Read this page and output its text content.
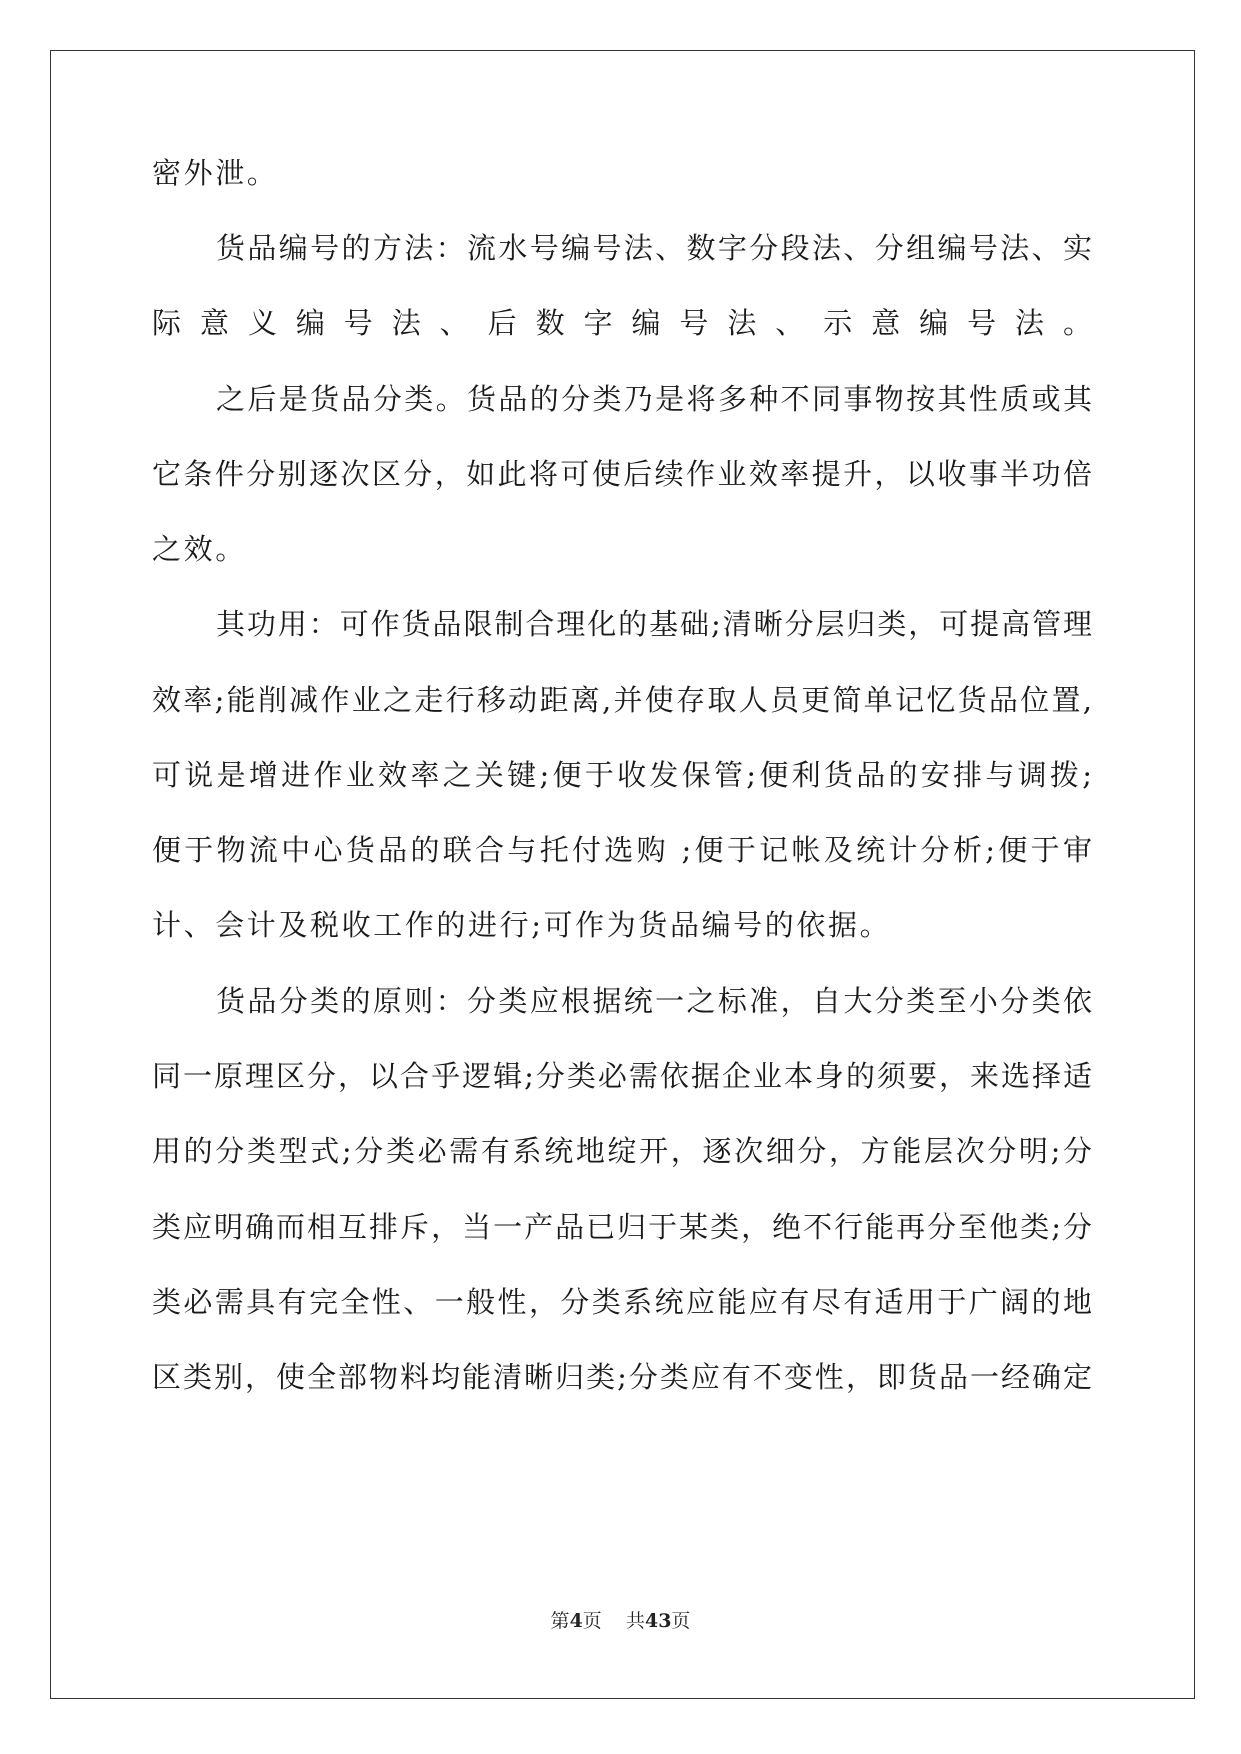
密外泄。
货品编号的方法：流水号编号法、数字分段法、分组编号法、实
际意义编号法、后数字编号法、示意编号法。
之后是货品分类。货品的分类乃是将多种不同事物按其性质或其
它条件分别逐次区分，如此将可使后续作业效率提升，以收事半功倍
之效。
其功用：可作货品限制合理化的基础;清晰分层归类，可提高管理
效率;能削减作业之走行移动距离,并使存取人员更简单记忆货品位置,
可说是增进作业效率之关键;便于收发保管;便利货品的安排与调拨;
便于物流中心货品的联合与托付选购 ;便于记帐及统计分析;便于审
计、会计及税收工作的进行;可作为货品编号的依据。
货品分类的原则：分类应根据统一之标准，自大分类至小分类依
同一原理区分，以合乎逻辑;分类必需依据企业本身的须要，来选择适
用的分类型式;分类必需有系统地绽开，逐次细分，方能层次分明;分
类应明确而相互排斥，当一产品已归于某类，绝不行能再分至他类;分
类必需具有完全性、一般性，分类系统应能应有尽有适用于广阔的地
区类别，使全部物料均能清晰归类;分类应有不变性，即货品一经确定
第4页    共43页
